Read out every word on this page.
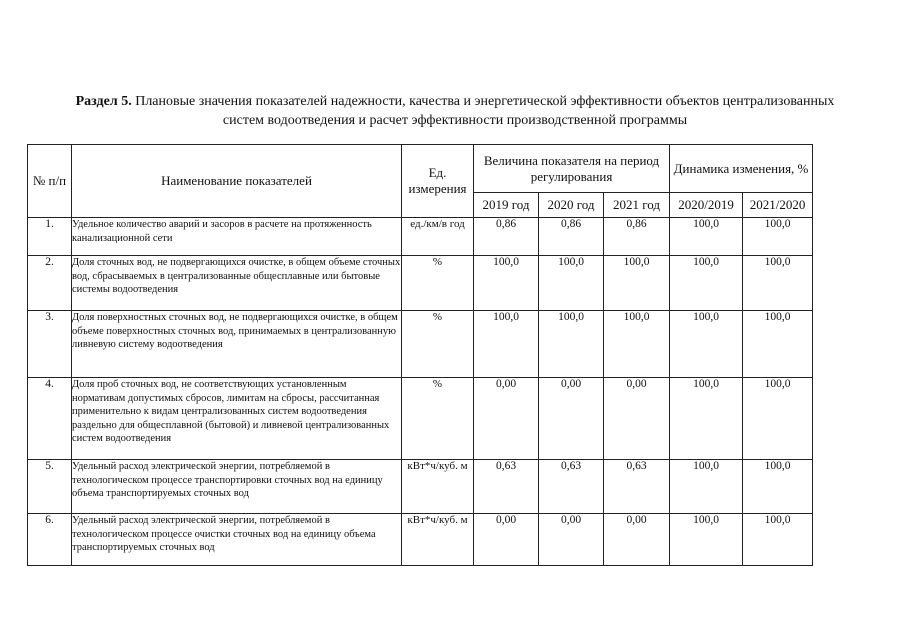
Раздел 5. Плановые значения показателей надежности, качества и энергетической эффективности объектов централизованных систем водоотведения и расчет эффективности производственной программы
№ п/п	Наименование показателей	Ед. измерения	Величина показателя на период регулирования			Динамика изменения, %	
			2019 год	2020 год	2021 год	2020/2019	2021/2020
1.	Удельное количество аварий и засоров в расчете на протяженность канализационной сети	ед./км/в год	0,86	0,86	0,86	100,0	100,0
2.	Доля сточных вод, не подвергающихся очистке, в общем объеме сточных вод, сбрасываемых в централизованные общесплавные или бытовые системы водоотведения	%	100,0	100,0	100,0	100,0	100,0
3.	Доля поверхностных сточных вод, не подвергающихся очистке, в общем объеме поверхностных сточных вод, принимаемых в централизованную ливневую систему водоотведения	%	100,0	100,0	100,0	100,0	100,0
4.	Доля проб сточных вод, не соответствующих установленным нормативам допустимых сбросов, лимитам на сбросы, рассчитанная применительно к видам централизованных систем водоотведения раздельно для общесплавной (бытовой) и ливневой централизованных систем водоотведения	%	0,00	0,00	0,00	100,0	100,0
5.	Удельный расход электрической энергии, потребляемой в технологическом процессе транспортировки сточных вод на единицу объема транспортируемых сточных вод	кВт*ч/куб. м	0,63	0,63	0,63	100,0	100,0
6.	Удельный расход электрической энергии, потребляемой в технологическом процессе очистки сточных вод на единицу объема транспортируемых сточных вод	кВт*ч/куб. м	0,00	0,00	0,00	100,0	100,0
